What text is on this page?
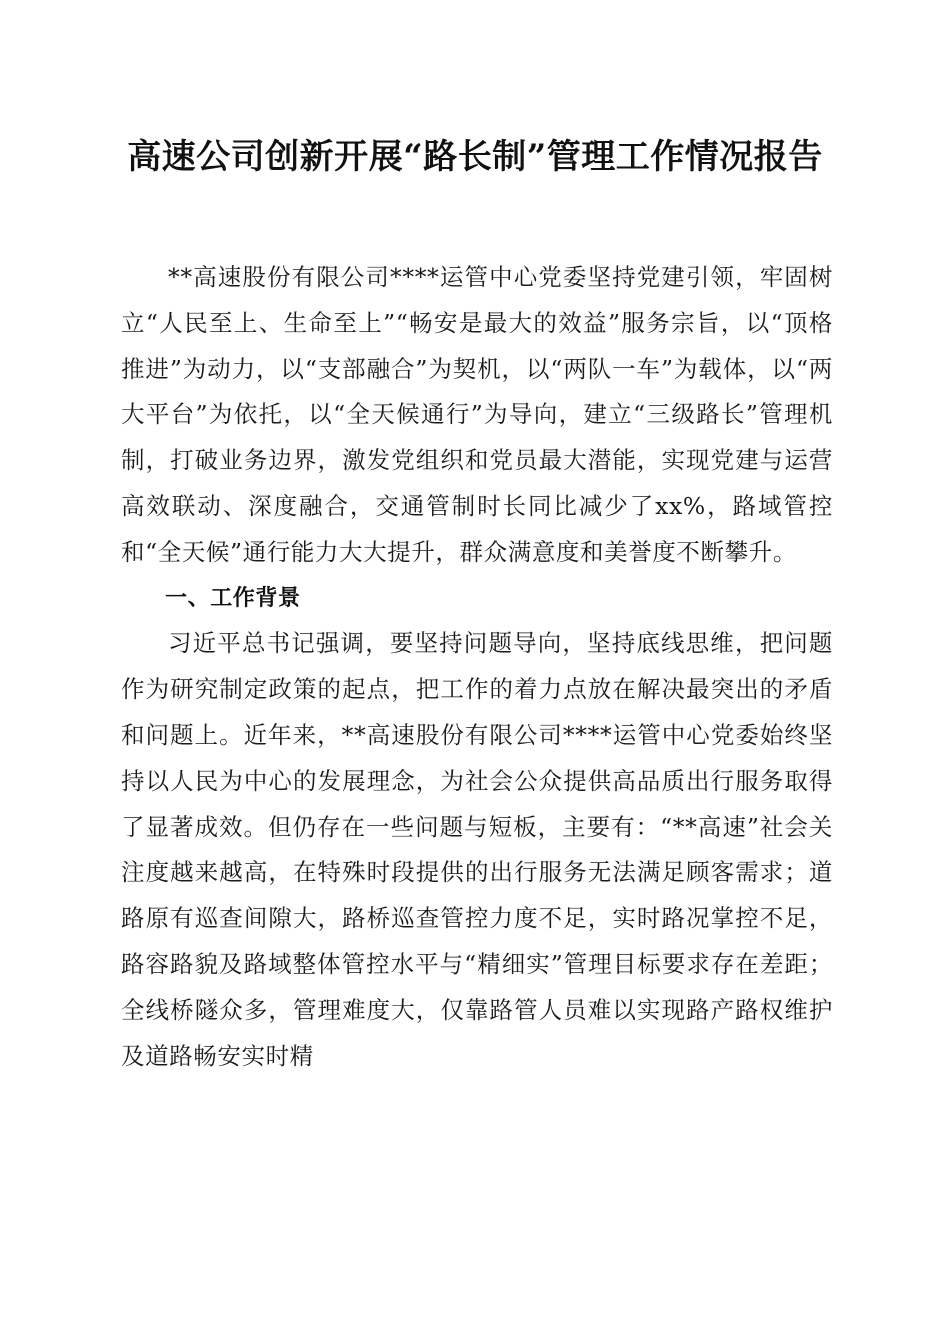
高速公司创新开展“路长制”管理工作情况报告

**高速股份有限公司****运管中心党委坚持党建引领，牢固树立“人民至上、生命至上”“畅安是最大的效益”服务宗旨，以“顶格推进”为动力，以“支部融合”为契机，以“两队一车”为载体，以“两大平台”为依托，以“全天候通行”为导向，建立“三级路长”管理机制，打破业务边界，激发党组织和党员最大潜能，实现党建与运营高效联动、深度融合，交通管制时长同比减少了xx%，路域管控和“全天候”通行能力大大提升，群众满意度和美誉度不断攀升。

一、工作背景

习近平总书记强调，要坚持问题导向，坚持底线思维，把问题作为研究制定政策的起点，把工作的着力点放在解决最突出的矛盾和问题上。近年来，**高速股份有限公司****运管中心党委始终坚持以人民为中心的发展理念，为社会公众提供高品质出行服务取得了显著成效。但仍存在一些问题与短板，主要有：“**高速”社会关注度越来越高，在特殊时段提供的出行服务无法满足顾客需求；道路原有巡查间隙大，路桥巡查管控力度不足，实时路况掌控不足，路容路貌及路域整体管控水平与“精细实”管理目标要求存在差距；全线桥隧众多，管理难度大，仅靠路管人员难以实现路产路权维护及道路畅安实时精
